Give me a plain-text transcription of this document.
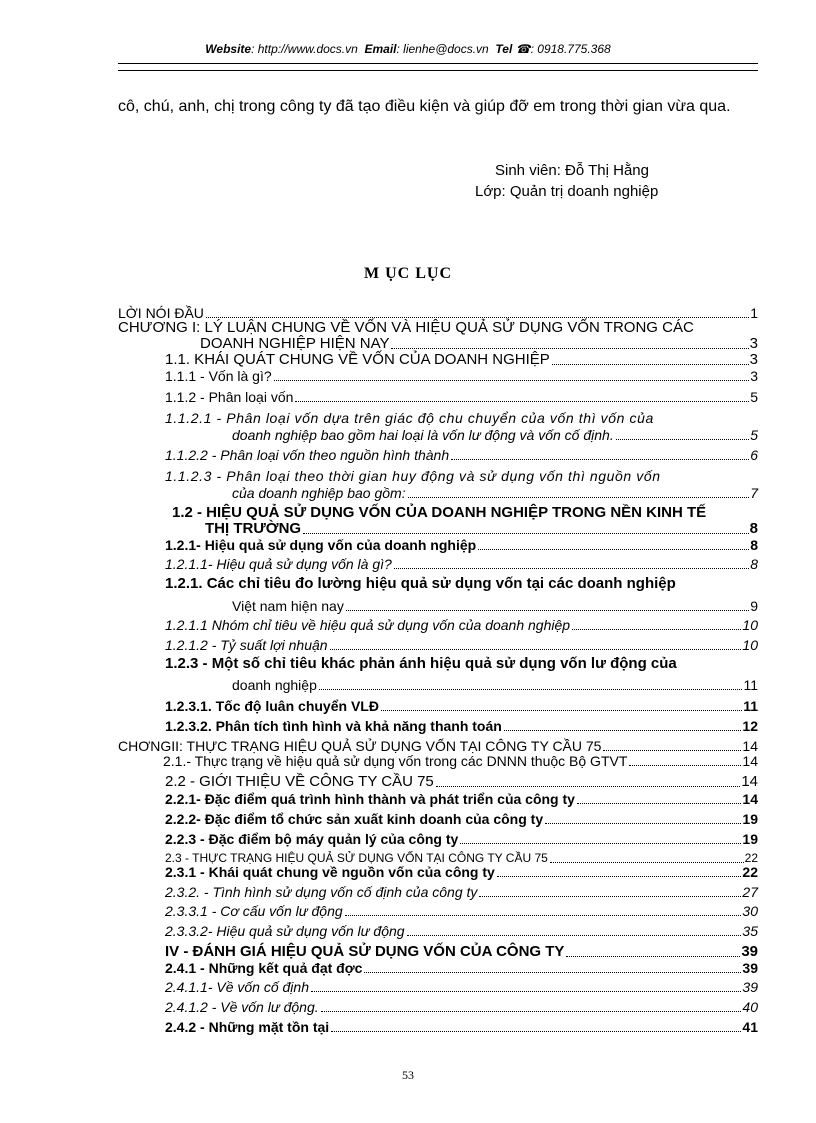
Website: http://www.docs.vn Email: lienhe@docs.vn Tel ☎: 0918.775.368
cô, chú, anh, chị trong công ty đã tạo điều kiện và giúp đỡ em trong thời gian vừa qua.
Sinh viên: Đỗ Thị Hằng
Lớp: Quản trị doanh nghiệp
M ỤC LỤC
LỜI NÓI ĐẦU	1
CHƯƠNG I: LÝ LUẬN CHUNG VỀ VỐN VÀ HIỆU QUẢ SỬ DỤNG VỐN TRONG CÁC
DOANH NGHIỆP HIỆN NAY	3
1.1. KHÁI QUÁT CHUNG VỀ VỐN CỦA DOANH NGHIỆP	3
1.1.1 - Vốn là gì?	3
1.1.2 - Phân loại vốn	5
1.1.2.1 - Phân loại vốn dựa trên giác độ chu chuyển của vốn thì vốn của
doanh nghiệp bao gồm hai loại là vốn lư động và vốn cố định.	5
1.1.2.2 - Phân loại vốn theo nguồn hình thành	6
1.1.2.3 - Phân loại theo thời gian huy động và sử dụng vốn thì nguồn vốn
của doanh nghiệp bao gồm:	7
1.2 - HIỆU QUẢ SỬ DỤNG VỐN CỦA DOANH NGHIỆP TRONG NỀN KINH TẾ
THỊ TRƯỜNG	8
1.2.1- Hiệu quả sử dụng vốn của doanh nghiệp	8
1.2.1.1- Hiệu quả sử dụng vốn là gì?	8
1.2.1. Các chỉ tiêu đo lường hiệu quả sử dụng vốn tại các doanh nghiệp
Việt nam hiện nay	9
1.2.1.1 Nhóm chỉ tiêu về hiệu quả sử dụng vốn của doanh nghiệp	10
1.2.1.2 - Tỷ suất lợi nhuận	10
1.2.3 - Một số chỉ tiêu khác phản ánh hiệu quả sử dụng vốn lư động của
doanh nghiệp	11
1.2.3.1. Tốc độ luân chuyển VLĐ	11
1.2.3.2. Phân tích tình hình và khả năng thanh toán	12
CHƠNGII: THỰC TRẠNG HIỆU QUẢ SỬ DỤNG VỐN TẠI CÔNG TY CẦU 75	14
2.1.- Thực trạng về hiệu quả sử dụng vốn trong các DNNN thuộc Bộ GTVT	14
2.2 - GIỚI THIỆU VỀ CÔNG TY CẦU 75	14
2.2.1- Đặc điểm quá trình hình thành và phát triển của công ty	14
2.2.2- Đặc điểm tổ chức sản xuất kinh doanh của công ty	19
2.2.3 - Đặc điểm bộ máy quản lý của công ty	19
2.3 - THỰC TRẠNG HIỆU QUẢ SỬ DỤNG VỐN TẠI CÔNG TY CẦU 75	22
2.3.1 - Khái quát chung về nguồn vốn của công ty	22
2.3.2. - Tình hình sử dụng vốn cố định của công ty	27
2.3.3.1 - Cơ cấu vốn lư động	30
2.3.3.2- Hiệu quả sử dụng vốn lư động	35
IV - ĐÁNH GIÁ HIỆU QUẢ SỬ DỤNG VỐN CỦA CÔNG TY	39
2.4.1 - Những kết quả đạt đợc	39
2.4.1.1- Về vốn cố định	39
2.4.1.2 - Về vốn lư động.	40
2.4.2 - Những mặt tồn tại	41
53
